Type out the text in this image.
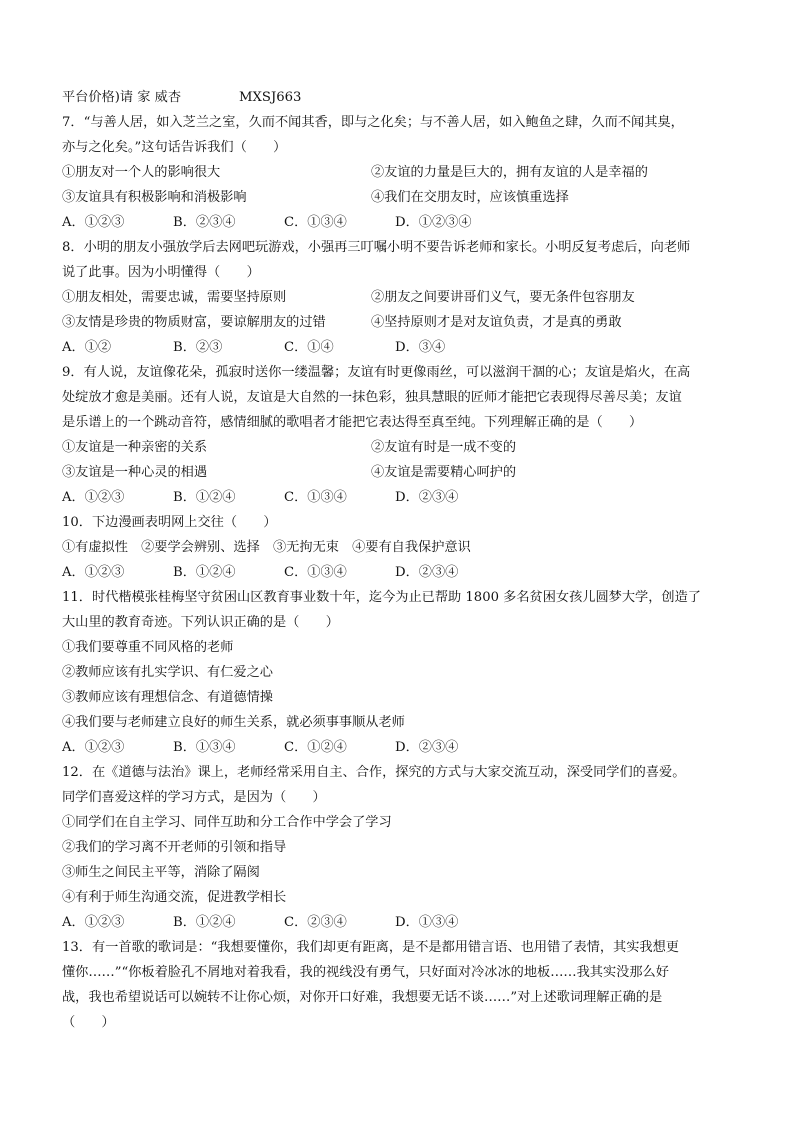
平台价格)请 家 威杏	MXSJ663
7．“与善人居，如入芝兰之室，久而不闻其香，即与之化矣；与不善人居，如入鲍鱼之肆，久而不闻其臭，
亦与之化矣。”这句话告诉我们（　　）
①朋友对一个人的影响很大	②友谊的力量是巨大的，拥有友谊的人是幸福的
③友谊具有积极影响和消极影响	④我们在交朋友时，应该慎重选择
A．①②③	B．②③④	C．①③④	D．①②③④
8．小明的朋友小强放学后去网吧玩游戏，小强再三叮嘱小明不要告诉老师和家长。小明反复考虑后，向老师
说了此事。因为小明懂得（　　）
①朋友相处，需要忠诚，需要坚持原则	②朋友之间要讲哥们义气，要无条件包容朋友
③友情是珍贵的物质财富，要谅解朋友的过错	④坚持原则才是对友谊负责，才是真的勇敢
A．①②	B．②③	C．①④	D．③④
9．有人说，友谊像花朵，孤寂时送你一缕温馨；友谊有时更像雨丝，可以滋润干涸的心；友谊是焰火，在高
处绽放才愈是美丽。还有人说，友谊是大自然的一抹色彩，独具慧眼的匠师才能把它表现得尽善尽美；友谊
是乐谱上的一个跳动音符，感情细腻的歌唱者才能把它表达得至真至纯。下列理解正确的是（　　）
①友谊是一种亲密的关系	②友谊有时是一成不变的
③友谊是一种心灵的相遇	④友谊是需要精心呵护的
A．①②③	B．①②④	C．①③④	D．②③④
10．下边漫画表明网上交往（　　）
①有虚拟性　②要学会辨别、选择　③无拘无束　④要有自我保护意识
A．①②③	B．①②④	C．①③④	D．②③④
11．时代楷模张桂梅坚守贫困山区教育事业数十年，迄今为止已帮助 1800 多名贫困女孩儿圆梦大学，创造了
大山里的教育奇迹。下列认识正确的是（　　）
①我们要尊重不同风格的老师
②教师应该有扎实学识、有仁爱之心
③教师应该有理想信念、有道德情操
④我们要与老师建立良好的师生关系，就必须事事顺从老师
A．①②③	B．①③④	C．①②④	D．②③④
12．在《道德与法治》课上，老师经常采用自主、合作，探究的方式与大家交流互动，深受同学们的喜爱。
同学们喜爱这样的学习方式，是因为（　　）
①同学们在自主学习、同伴互助和分工合作中学会了学习
②我们的学习离不开老师的引领和指导
③师生之间民主平等，消除了隔阂
④有利于师生沟通交流，促进教学相长
A．①②③	B．①②④	C．②③④	D．①③④
13．有一首歌的歌词是：“我想要懂你，我们却更有距离，是不是都用错言语、也用错了表情，其实我想更
懂你……”“你板着脸孔不屑地对着我看，我的视线没有勇气，只好面对冷冰冰的地板……我其实没那么好
战，我也希望说话可以婉转不让你心烦，对你开口好难，我想要无话不谈……”对上述歌词理解正确的是
（　　）
